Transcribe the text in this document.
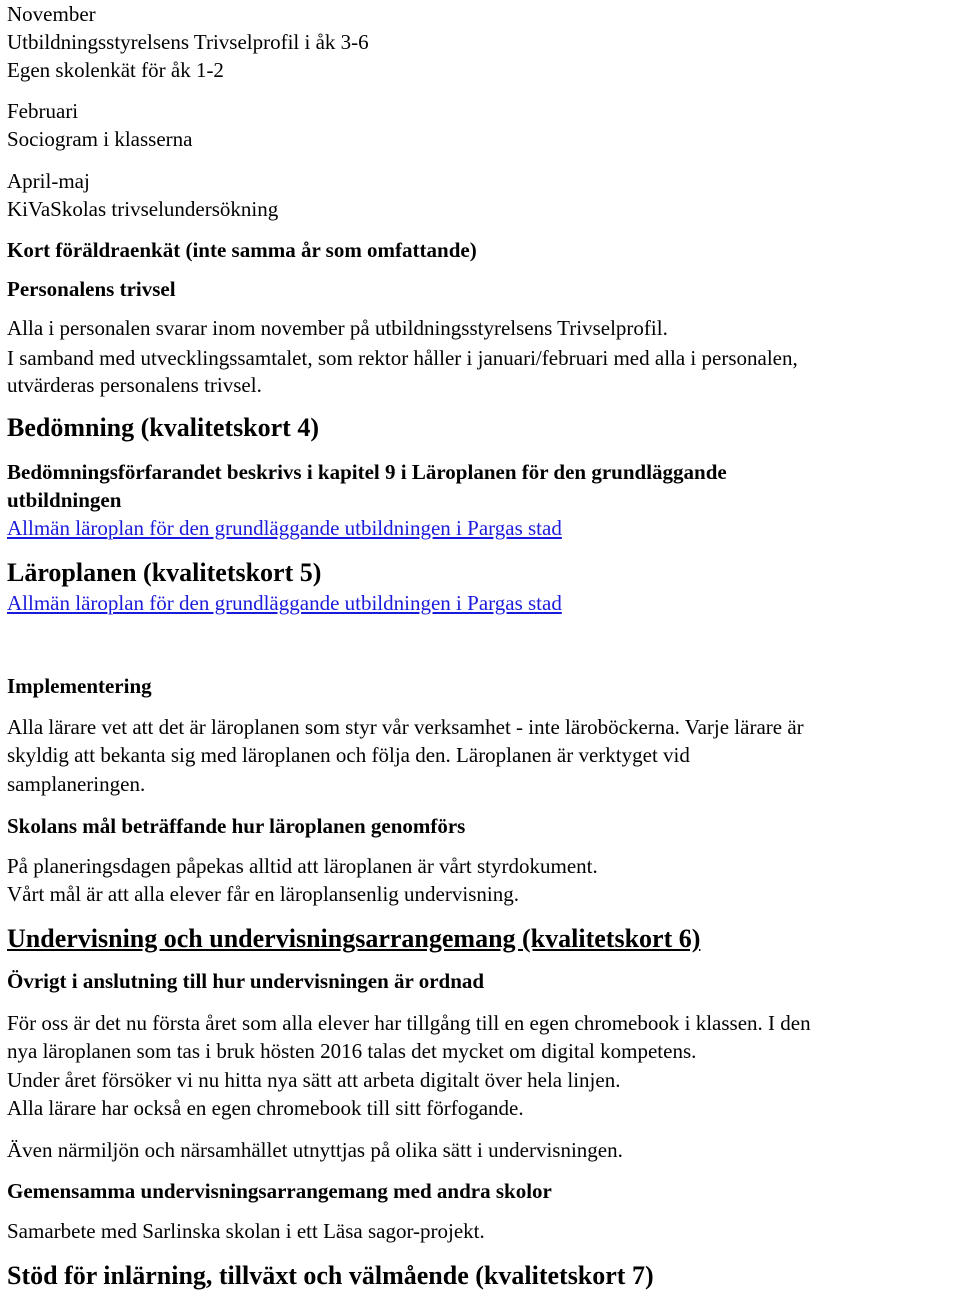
November
Utbildningsstyrelsens Trivselprofil i åk 3-6
Egen skolenkät för åk 1-2
Februari
Sociogram i klasserna
April-maj
KiVaSkolas trivselundersökning
Kort föräldraenkät (inte samma år som omfattande)
Personalens trivsel
Alla i personalen svarar inom november på utbildningsstyrelsens Trivselprofil.
I samband med utvecklingssamtalet, som rektor håller i januari/februari med alla i personalen,
utvärderas personalens trivsel.
Bedömning (kvalitetskort 4)
Bedömningsförfarandet beskrivs i kapitel 9 i Läroplanen för den grundläggande
utbildningen
Allmän läroplan för den grundläggande utbildningen i Pargas stad
Läroplanen (kvalitetskort 5)
Allmän läroplan för den grundläggande utbildningen i Pargas stad
Implementering
Alla lärare vet att det är läroplanen som styr vår verksamhet - inte läroböckerna. Varje lärare är
skyldig att bekanta sig med läroplanen och följa den. Läroplanen är verktyget vid
samplaneringen.
Skolans mål beträffande hur läroplanen genomförs
På planeringsdagen påpekas alltid att läroplanen är vårt styrdokument.
Vårt mål är att alla elever får en läroplansenlig undervisning.
Undervisning och undervisningsarrangemang (kvalitetskort 6)
Övrigt i anslutning till hur undervisningen är ordnad
För oss är det nu första året som alla elever har tillgång till en egen chromebook i klassen. I den
nya läroplanen som tas i bruk hösten 2016 talas det mycket om digital kompetens.
Under året försöker vi nu hitta nya sätt att arbeta digitalt över hela linjen.
Alla lärare har också en egen chromebook till sitt förfogande.
Även närmiljön och närsamhället utnyttjas på olika sätt i undervisningen.
Gemensamma undervisningsarrangemang med andra skolor
Samarbete med Sarlinska skolan i ett Läsa sagor-projekt.
Stöd för inlärning, tillväxt och välmående (kvalitetskort 7)
